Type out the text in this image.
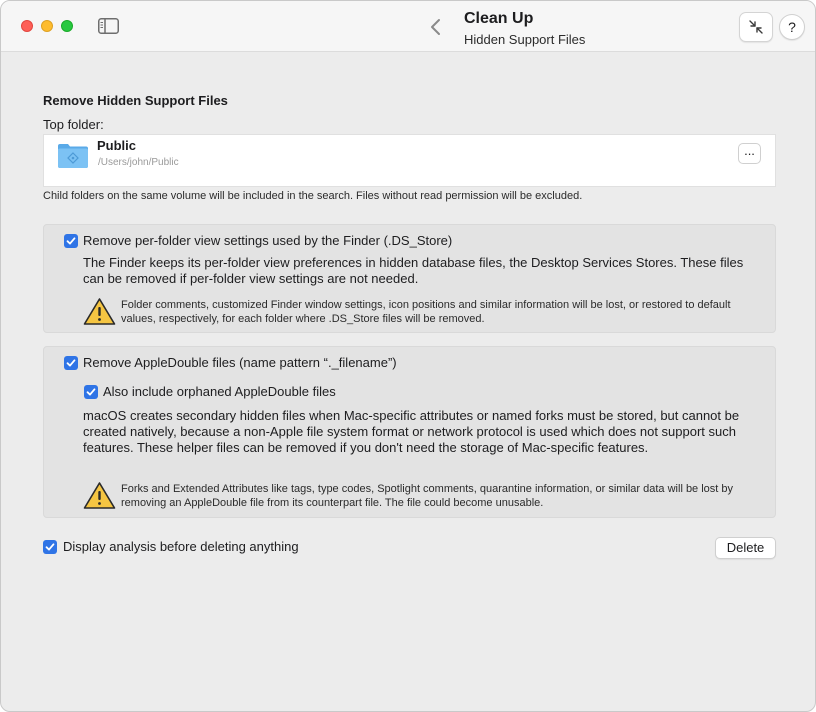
Clean Up
Hidden Support Files
?
Remove Hidden Support Files
Top folder:
Public
/Users/john/Public
...
Child folders on the same volume will be included in the search. Files without read permission will be excluded.
Remove per-folder view settings used by the Finder (.DS_Store)
The Finder keeps its per-folder view preferences in hidden database files, the Desktop Services Stores. These files can be removed if per-folder view settings are not needed.
Folder comments, customized Finder window settings, icon positions and similar information will be lost, or restored to default values, respectively, for each folder where .DS_Store files will be removed.
Remove AppleDouble files (name pattern “._filename”)
Also include orphaned AppleDouble files
macOS creates secondary hidden files when Mac-specific attributes or named forks must be stored, but cannot be created natively, because a non-Apple file system format or network protocol is used which does not support such features. These helper files can be removed if you don't need the storage of Mac-specific features.
Forks and Extended Attributes like tags, type codes, Spotlight comments, quarantine information, or similar data will be lost by removing an AppleDouble file from its counterpart file. The file could become unusable.
Display analysis before deleting anything	Delete
